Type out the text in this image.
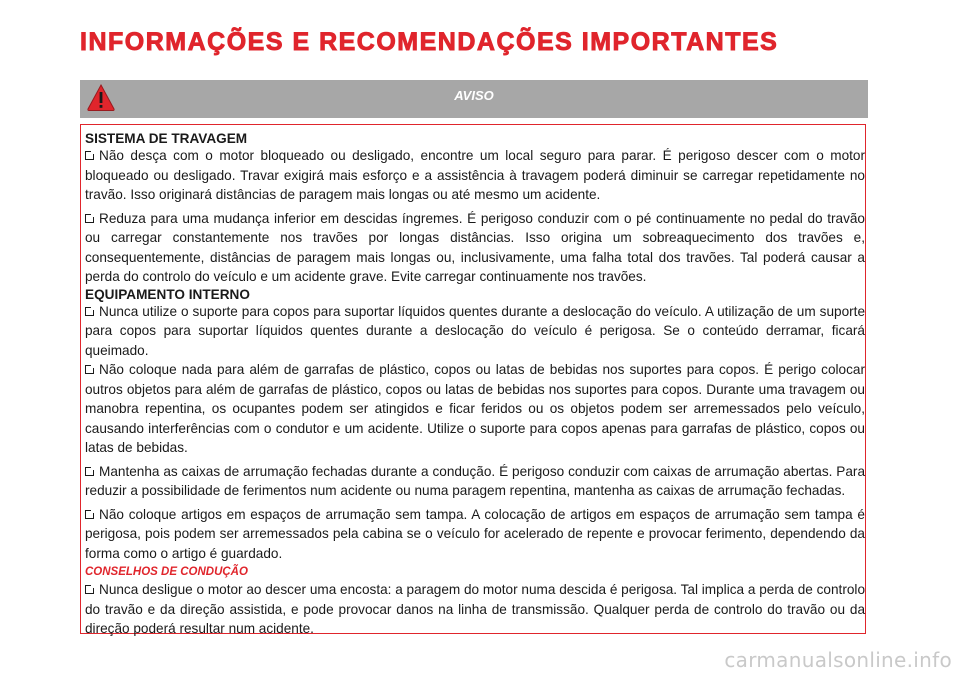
INFORMAÇÕES E RECOMENDAÇÕES IMPORTANTES
AVISO
SISTEMA DE TRAVAGEM

Não desça com o motor bloqueado ou desligado, encontre um local seguro para parar. É perigoso descer com o motor bloqueado ou desligado. Travar exigirá mais esforço e a assistência à travagem poderá diminuir se carregar repetidamente no travão. Isso originará distâncias de paragem mais longas ou até mesmo um acidente.

Reduza para uma mudança inferior em descidas íngremes. É perigoso conduzir com o pé continuamente no pedal do travão ou carregar constantemente nos travões por longas distâncias. Isso origina um sobreaquecimento dos travões e, consequentemente, distâncias de paragem mais longas ou, inclusivamente, uma falha total dos travões. Tal poderá causar a perda do controlo do veículo e um acidente grave. Evite carregar continuamente nos travões.

EQUIPAMENTO INTERNO

Nunca utilize o suporte para copos para suportar líquidos quentes durante a deslocação do veículo. A utilização de um suporte para copos para suportar líquidos quentes durante a deslocação do veículo é perigosa. Se o conteúdo derramar, ficará queimado.

Não coloque nada para além de garrafas de plástico, copos ou latas de bebidas nos suportes para copos. É perigo colocar outros objetos para além de garrafas de plástico, copos ou latas de bebidas nos suportes para copos. Durante uma travagem ou manobra repentina, os ocupantes podem ser atingidos e ficar feridos ou os objetos podem ser arremessados pelo veículo, causando interferências com o condutor e um acidente. Utilize o suporte para copos apenas para garrafas de plástico, copos ou latas de bebidas.

Mantenha as caixas de arrumação fechadas durante a condução. É perigoso conduzir com caixas de arrumação abertas. Para reduzir a possibilidade de ferimentos num acidente ou numa paragem repentina, mantenha as caixas de arrumação fechadas.

Não coloque artigos em espaços de arrumação sem tampa. A colocação de artigos em espaços de arrumação sem tampa é perigosa, pois podem ser arremessados pela cabina se o veículo for acelerado de repente e provocar ferimento, dependendo da forma como o artigo é guardado.

CONSELHOS DE CONDUÇÃO

Nunca desligue o motor ao descer uma encosta: a paragem do motor numa descida é perigosa. Tal implica a perda de controlo do travão e da direção assistida, e pode provocar danos na linha de transmissão. Qualquer perda de controlo do travão ou da direção poderá resultar num acidente.

carmanualsonline.info
